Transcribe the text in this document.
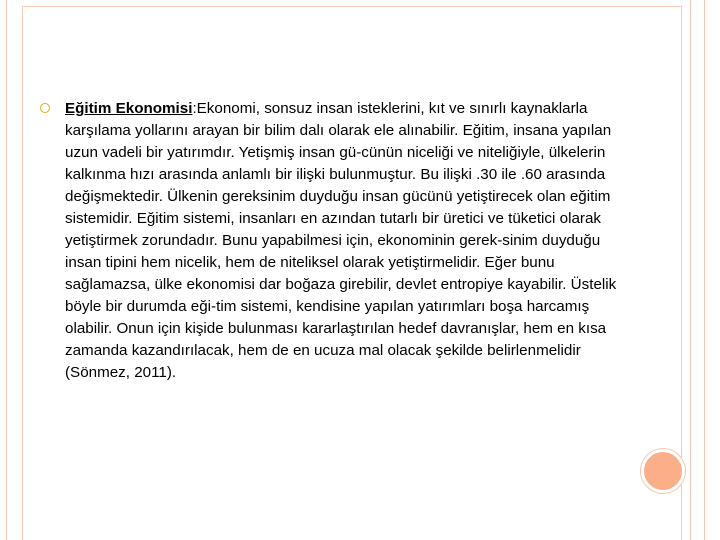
Eğitim Ekonomisi:Ekonomi, sonsuz insan isteklerini, kıt ve sınırlı kaynaklarla karşılama yollarını arayan bir bilim dalı olarak ele alınabilir. Eğitim, insana yapılan uzun vadeli bir yatırımdır. Yetişmiş insan gü-cünün niceliği ve niteliğiyle, ülkelerin kalkınma hızı arasında anlamlı bir ilişki bulunmuştur. Bu ilişki .30 ile .60 arasında değişmektedir. Ülkenin gereksinim duyduğu insan gücünü yetiştirecek olan eğitim sistemidir. Eğitim sistemi, insanları en azından tutarlı bir üretici ve tüketici olarak yetiştirmek zorundadır. Bunu yapabilmesi için, ekonominin gerek-sinim duyduğu insan tipini hem nicelik, hem de niteliksel olarak yetiştirmelidir. Eğer bunu sağlamazsa, ülke ekonomisi dar boğaza girebilir, devlet entropiye kayabilir. Üstelik böyle bir durumda eği-tim sistemi, kendisine yapılan yatırımları boşa harcamış olabilir. Onun için kişide bulunması kararlaştırılan hedef davranışlar, hem en kısa zamanda kazandırılacak, hem de en ucuza mal olacak şekilde belirlenmelidir (Sönmez, 2011).
